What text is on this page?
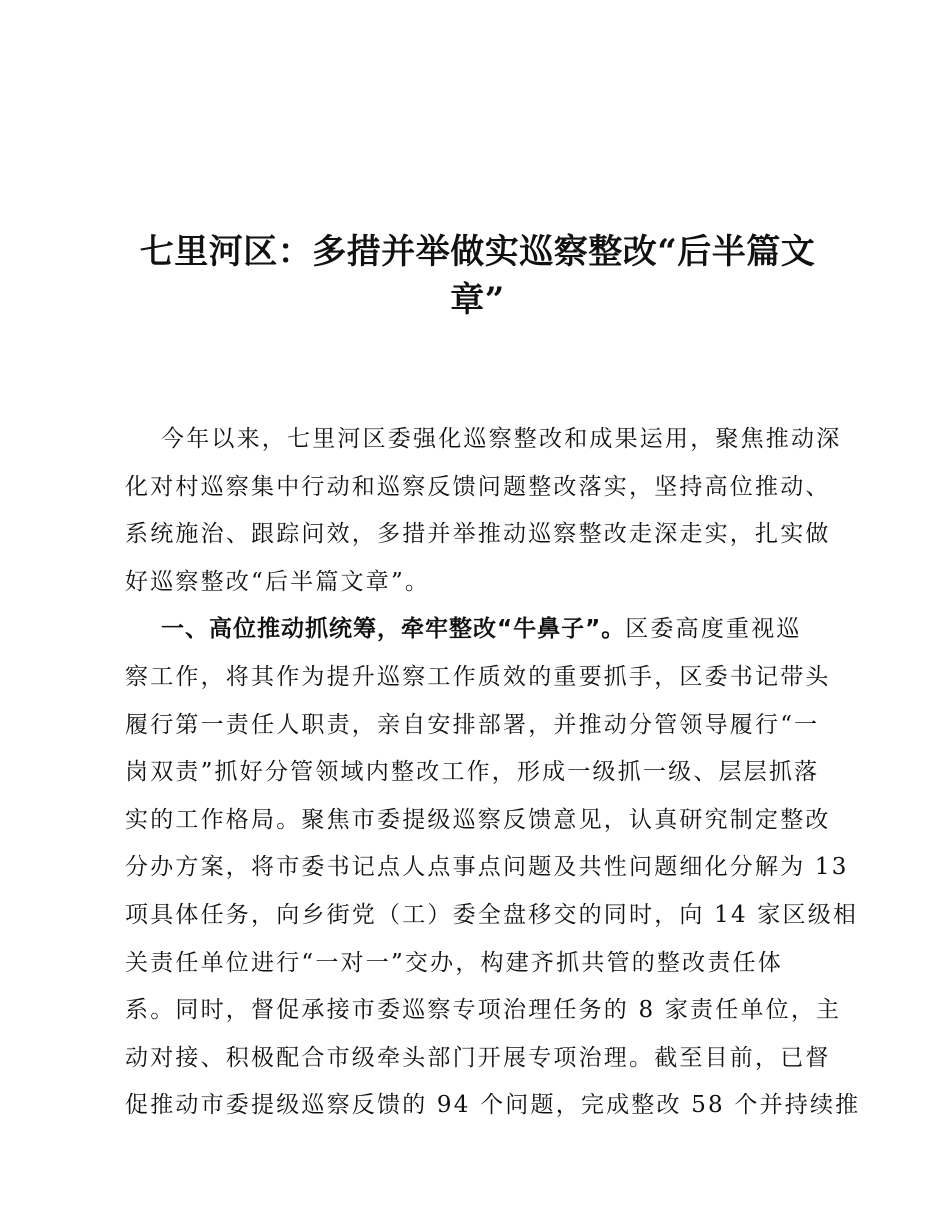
七里河区：多措并举做实巡察整改“后半篇文
章”
今年以来，七里河区委强化巡察整改和成果运用，聚焦推动深
化对村巡察集中行动和巡察反馈问题整改落实，坚持高位推动、
系统施治、跟踪问效，多措并举推动巡察整改走深走实，扎实做
好巡察整改“后半篇文章”。
一、高位推动抓统筹，牵牢整改“牛鼻子”。区委高度重视巡
察工作，将其作为提升巡察工作质效的重要抓手，区委书记带头
履行第一责任人职责，亲自安排部署，并推动分管领导履行“一
岗双责”抓好分管领域内整改工作，形成一级抓一级、层层抓落
实的工作格局。聚焦市委提级巡察反馈意见，认真研究制定整改
分办方案，将市委书记点人点事点问题及共性问题细化分解为 13
项具体任务，向乡街党（工）委全盘移交的同时，向 14 家区级相
关责任单位进行“一对一”交办，构建齐抓共管的整改责任体
系。同时，督促承接市委巡察专项治理任务的 8 家责任单位，主
动对接、积极配合市级牵头部门开展专项治理。截至目前，已督
促推动市委提级巡察反馈的 94 个问题，完成整改 58 个并持续推
